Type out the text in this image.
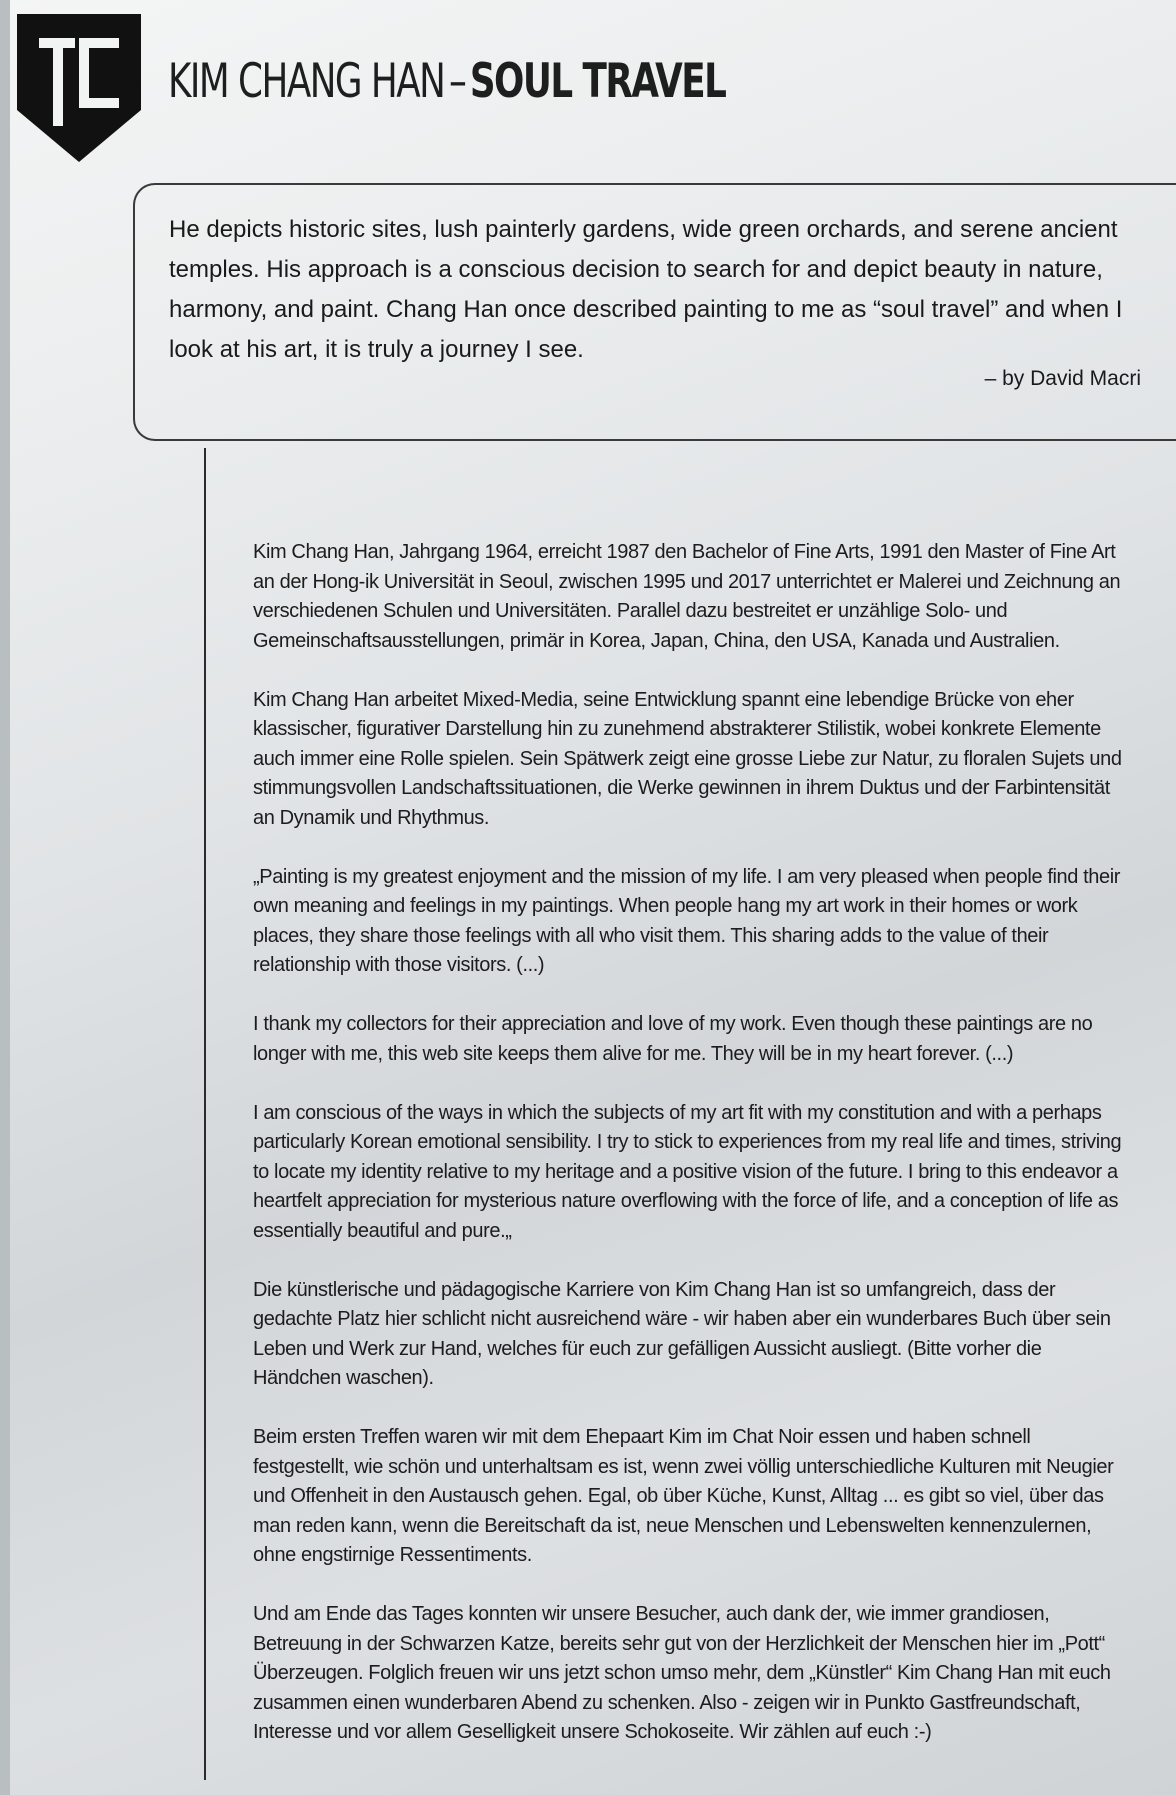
KIM CHANG HAN–SOUL TRAVEL

He depicts historic sites, lush painterly gardens, wide green orchards, and serene ancient temples. His approach is a conscious decision to search for and depict beauty in nature, harmony, and paint. Chang Han once described painting to me as “soul travel” and when I look at his art, it is truly a journey I see.

– by David Macri

Kim Chang Han, Jahrgang 1964, erreicht 1987 den Bachelor of Fine Arts, 1991 den Master of Fine Art an der Hong-ik Universität in Seoul, zwischen 1995 und 2017 unterrichtet er Malerei und Zeichnung an verschiedenen Schulen und Universitäten. Parallel dazu bestreitet er unzählige Solo- und Gemeinschaftsausstellungen, primär in Korea, Japan, China, den USA, Kanada und Australien.

Kim Chang Han arbeitet Mixed-Media, seine Entwicklung spannt eine lebendige Brücke von eher klassischer, figurativer Darstellung hin zu zunehmend abstrakterer Stilistik, wobei konkrete Elemente auch immer eine Rolle spielen. Sein Spätwerk zeigt eine grosse Liebe zur Natur, zu floralen Sujets und stimmungsvollen Landschaftssituationen, die Werke gewinnen in ihrem Duktus und der Farbintensität an Dynamik und Rhythmus.

„Painting is my greatest enjoyment and the mission of my life. I am very pleased when people find their own meaning and feelings in my paintings. When people hang my art work in their homes or work places, they share those feelings with all who visit them. This sharing adds to the value of their relationship with those visitors. (...)

I thank my collectors for their appreciation and love of my work. Even though these paintings are no longer with me, this web site keeps them alive for me. They will be in my heart forever. (...)

I am conscious of the ways in which the subjects of my art fit with my constitution and with a perhaps particularly Korean emotional sensibility. I try to stick to experiences from my real life and times, striving to locate my identity relative to my heritage and a positive vision of the future. I bring to this endeavor a heartfelt appreciation for mysterious nature overflowing with the force of life, and a conception of life as essentially beautiful and pure.„

Die künstlerische und pädagogische Karriere von Kim Chang Han ist so umfangreich, dass der gedachte Platz hier schlicht nicht ausreichend wäre - wir haben aber ein wunderbares Buch über sein Leben und Werk zur Hand, welches für euch zur gefälligen Aussicht ausliegt. (Bitte vorher die Händchen waschen).

Beim ersten Treffen waren wir mit dem Ehepaart Kim im Chat Noir essen und haben schnell festgestellt, wie schön und unterhaltsam es ist, wenn zwei völlig unterschiedliche Kulturen mit Neugier und Offenheit in den Austausch gehen. Egal, ob über Küche, Kunst, Alltag ... es gibt so viel, über das man reden kann, wenn die Bereitschaft da ist, neue Menschen und Lebenswelten kennenzulernen, ohne engstirnige Ressentiments.

Und am Ende das Tages konnten wir unsere Besucher, auch dank der, wie immer grandiosen, Betreuung in der Schwarzen Katze, bereits sehr gut von der Herzlichkeit der Menschen hier im „Pott“ Überzeugen. Folglich freuen wir uns jetzt schon umso mehr, dem „Künstler“ Kim Chang Han mit euch zusammen einen wunderbaren Abend zu schenken. Also - zeigen wir in Punkto Gastfreundschaft, Interesse und vor allem Geselligkeit unsere Schokoseite. Wir zählen auf euch :-)
